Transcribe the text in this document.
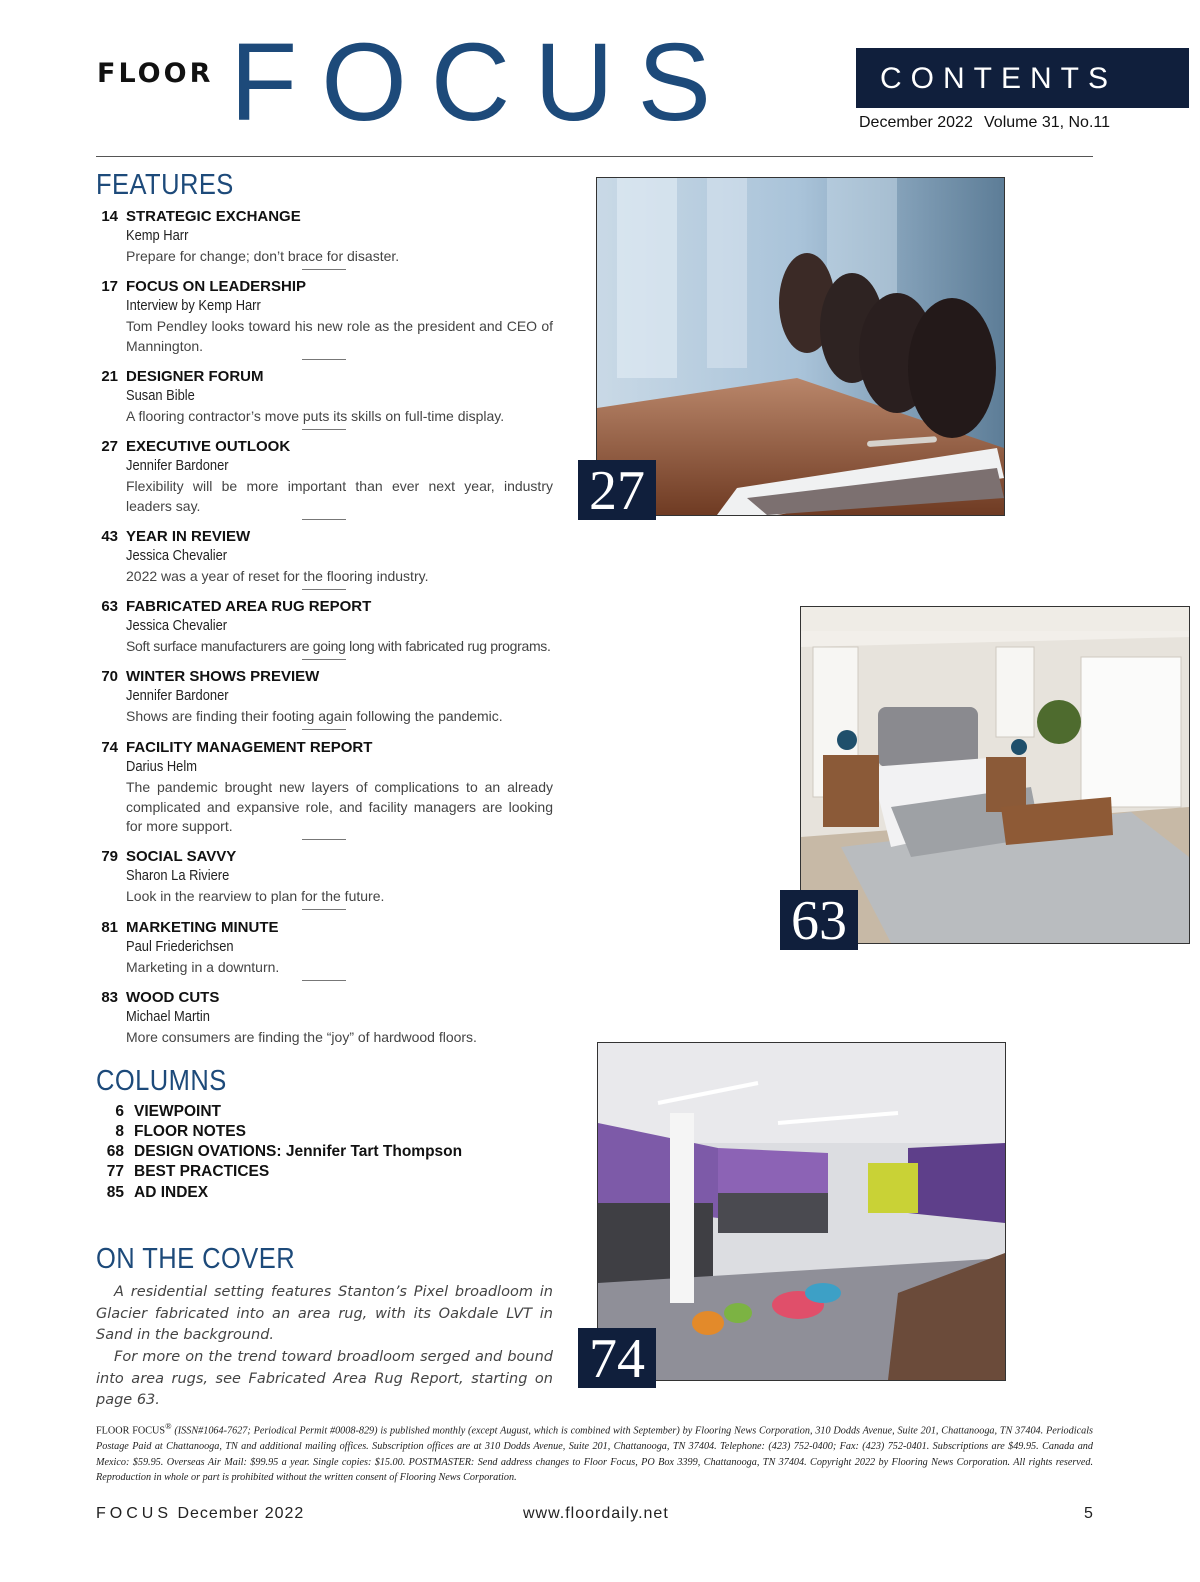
FLOOR FOCUS	CONTENTS
December 2022 Volume 31, No.11
FEATURES
14 STRATEGIC EXCHANGE
Kemp Harr
Prepare for change; don’t brace for disaster.
17 FOCUS ON LEADERSHIP
Interview by Kemp Harr
Tom Pendley looks toward his new role as the president and CEO of Mannington.
21 DESIGNER FORUM
Susan Bible
A flooring contractor’s move puts its skills on full-time display.
27 EXECUTIVE OUTLOOK
Jennifer Bardoner
Flexibility will be more important than ever next year, industry leaders say.
43 YEAR IN REVIEW
Jessica Chevalier
2022 was a year of reset for the flooring industry.
63 FABRICATED AREA RUG REPORT
Jessica Chevalier
Soft surface manufacturers are going long with fabricated rug programs.
70 WINTER SHOWS PREVIEW
Jennifer Bardoner
Shows are finding their footing again following the pandemic.
74 FACILITY MANAGEMENT REPORT
Darius Helm
The pandemic brought new layers of complications to an already complicated and expansive role, and facility managers are looking for more support.
79 SOCIAL SAVVY
Sharon La Riviere
Look in the rearview to plan for the future.
81 MARKETING MINUTE
Paul Friederichsen
Marketing in a downturn.
83 WOOD CUTS
Michael Martin
More consumers are finding the “joy” of hardwood floors.
COLUMNS
6 VIEWPOINT
8 FLOOR NOTES
68 DESIGN OVATIONS: Jennifer Tart Thompson
77 BEST PRACTICES
85 AD INDEX
ON THE COVER
A residential setting features Stanton’s Pixel broadloom in Glacier fabricated into an area rug, with its Oakdale LVT in Sand in the background.
For more on the trend toward broadloom serged and bound into area rugs, see Fabricated Area Rug Report, starting on page 63.
27
63
74
FLOOR FOCUS® (ISSN#1064-7627; Periodical Permit #0008-829) is published monthly (except August, which is combined with September) by Flooring News Corporation, 310 Dodds Avenue, Suite 201, Chattanooga, TN 37404. Periodicals Postage Paid at Chattanooga, TN and additional mailing offices. Subscription offices are at 310 Dodds Avenue, Suite 201, Chattanooga, TN 37404. Telephone: (423) 752-0400; Fax: (423) 752-0401. Subscriptions are $49.95. Canada and Mexico: $59.95. Overseas Air Mail: $99.95 a year. Single copies: $15.00. POSTMASTER: Send address changes to Floor Focus, PO Box 3399, Chattanooga, TN 37404. Copyright 2022 by Flooring News Corporation. All rights reserved. Reproduction in whole or part is prohibited without the written consent of Flooring News Corporation.
FOCUS December 2022	www.floordaily.net	5
